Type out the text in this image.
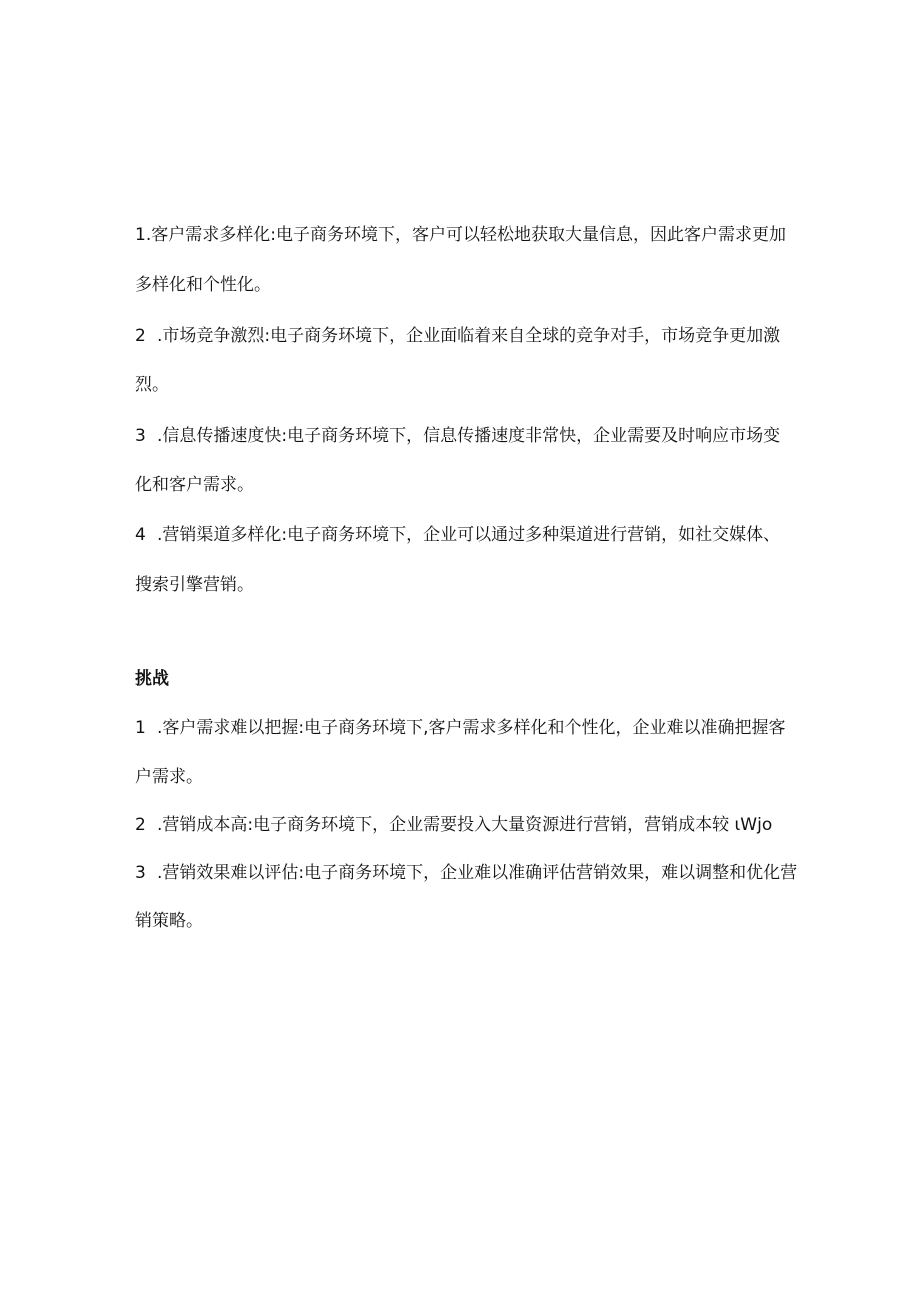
1.客户需求多样化:电子商务环境下，客户可以轻松地获取大量信息，因此客户需求更加
多样化和个性化。
2 .市场竞争激烈:电子商务环境下，企业面临着来自全球的竞争对手，市场竞争更加激
烈。
3 .信息传播速度快:电子商务环境下，信息传播速度非常快，企业需要及时响应市场变
化和客户需求。
4 .营销渠道多样化:电子商务环境下，企业可以通过多种渠道进行营销，如社交媒体、
搜索引擎营销。
挑战
1 .客户需求难以把握:电子商务环境下,客户需求多样化和个性化，企业难以准确把握客
户需求。
2 .营销成本高:电子商务环境下，企业需要投入大量资源进行营销，营销成本较 ιWjo
3 .营销效果难以评估:电子商务环境下，企业难以准确评估营销效果，难以调整和优化营
销策略。
